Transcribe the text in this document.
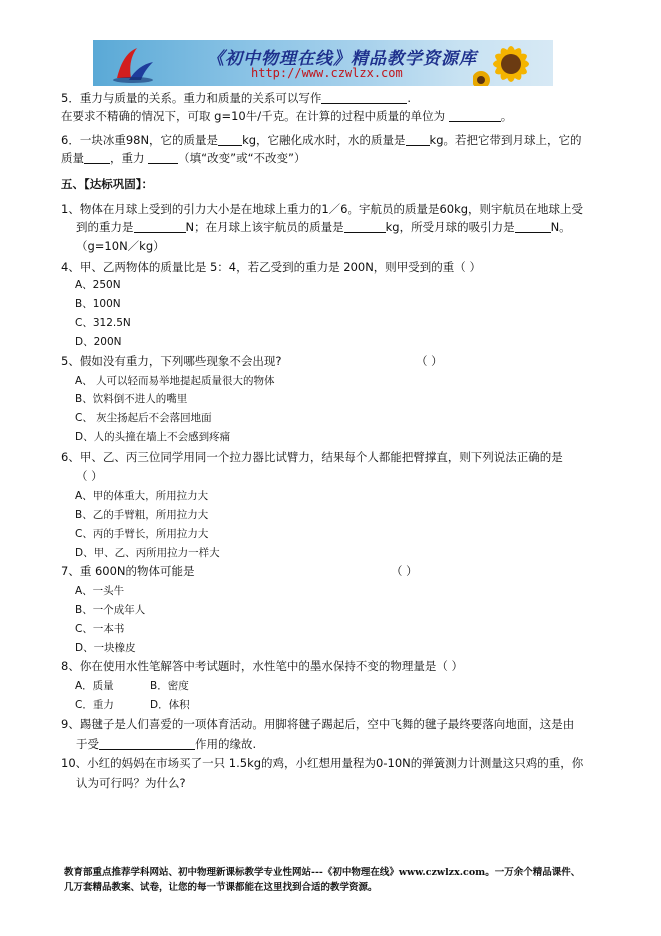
《初中物理在线》精品教学资源库
http://www.czwlzx.com
5．重力与质量的关系。重力和质量的关系可以写作	.
在要求不精确的情况下，可取 g=10牛/千克。在计算的过程中质量的单位为	。
6．一块冰重98N，它的质量是 kg，它融化成水时，水的质量是 kg。若把它带到月球上，它的
质量 ，重力	（填“改变”或“不改变”）
五、【达标巩固】：
1、物体在月球上受到的引力大小是在地球上重力的1／6。宇航员的质量是60kg，则宇航员在地球上受
到的重力是	N；在月球上该宇航员的质量是	kg，所受月球的吸引力是	N。
（g=10N／kg）
4、甲、乙两物体的质量比是 5：4，若乙受到的重力是 200N，则甲受到的重（ ）
A、250N
B、100N
C、312.5N
D、200N
5、假如没有重力，下列哪些现象不会出现?	（ ）
A、 人可以轻而易举地提起质量很大的物体
B、饮料倒不进人的嘴里
C、 灰尘扬起后不会落回地面
D、人的头撞在墙上不会感到疼痛
6、甲、乙、丙三位同学用同一个拉力器比试臂力，结果每个人都能把臂撑直，则下列说法正确的是
（ ）
A、甲的体重大，所用拉力大
B、乙的手臂粗，所用拉力大
C、丙的手臂长，所用拉力大
D、甲、乙、丙所用拉力一样大
7、重 600N的物体可能是	（ ）
A、一头牛
B、一个成年人
C、一本书
D、一块橡皮
8、你在使用水性笔解答中考试题时，水性笔中的墨水保持不变的物理量是（ ）
A．质量	B．密度
C．重力	D．体积
9、踢毽子是人们喜爱的一项体育活动。用脚将毽子踢起后，空中飞舞的毽子最终要落向地面，这是由
于受	作用的缘故.
10、小红的妈妈在市场买了一只 1.5kg的鸡，小红想用量程为0-10N的弹簧测力计测量这只鸡的重，你
认为可行吗？为什么?
教育部重点推荐学科网站、初中物理新课标教学专业性网站---《初中物理在线》www.czwlzx.com。一万余个精品课件、
几万套精品教案、试卷，让您的每一节课都能在这里找到合适的教学资源。
